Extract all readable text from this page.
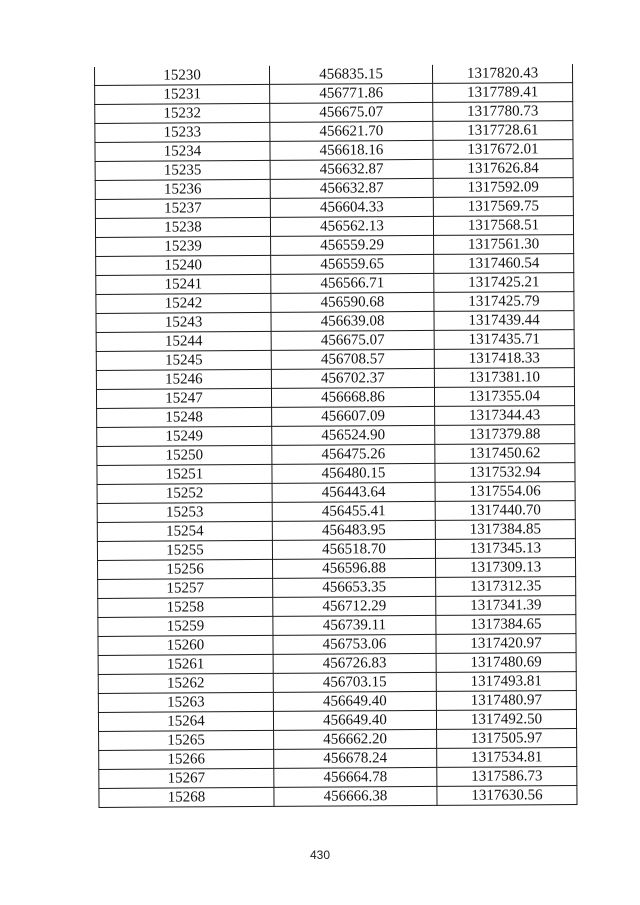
15230	456835.15	1317820.43
15231	456771.86	1317789.41
15232	456675.07	1317780.73
15233	456621.70	1317728.61
15234	456618.16	1317672.01
15235	456632.87	1317626.84
15236	456632.87	1317592.09
15237	456604.33	1317569.75
15238	456562.13	1317568.51
15239	456559.29	1317561.30
15240	456559.65	1317460.54
15241	456566.71	1317425.21
15242	456590.68	1317425.79
15243	456639.08	1317439.44
15244	456675.07	1317435.71
15245	456708.57	1317418.33
15246	456702.37	1317381.10
15247	456668.86	1317355.04
15248	456607.09	1317344.43
15249	456524.90	1317379.88
15250	456475.26	1317450.62
15251	456480.15	1317532.94
15252	456443.64	1317554.06
15253	456455.41	1317440.70
15254	456483.95	1317384.85
15255	456518.70	1317345.13
15256	456596.88	1317309.13
15257	456653.35	1317312.35
15258	456712.29	1317341.39
15259	456739.11	1317384.65
15260	456753.06	1317420.97
15261	456726.83	1317480.69
15262	456703.15	1317493.81
15263	456649.40	1317480.97
15264	456649.40	1317492.50
15265	456662.20	1317505.97
15266	456678.24	1317534.81
15267	456664.78	1317586.73
15268	456666.38	1317630.56
430
